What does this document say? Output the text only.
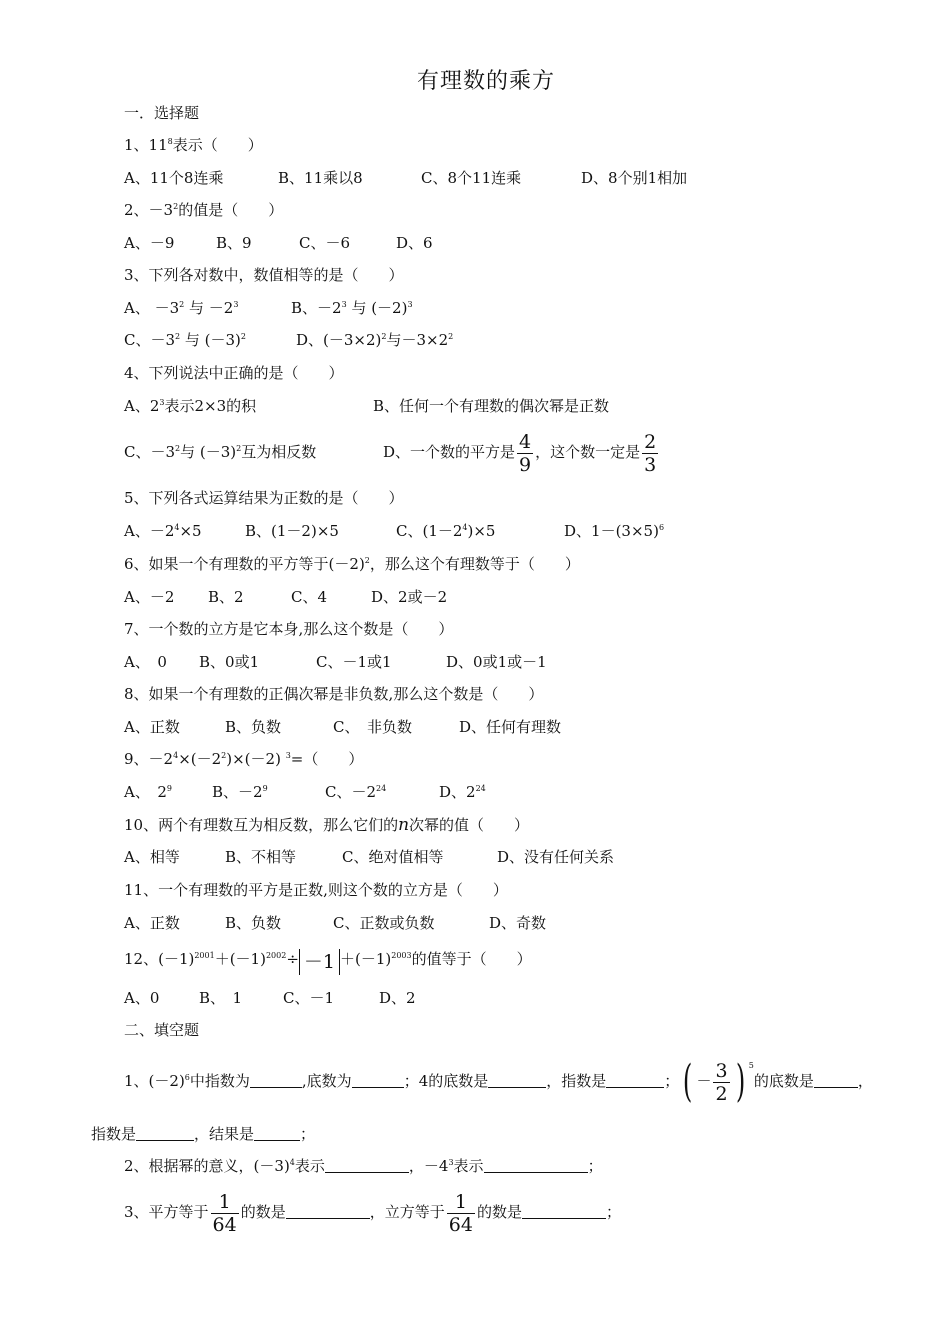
有理数的乘方
一．选择题
1、$11^8$表示（　　）
A、11个8连乘	B、11乘以8	C、8个11连乘	D、8个别1相加
2、$-3^2$的值是（　　）
A、－9	B、9	C、－6	D、6
3、下列各对数中，数值相等的是（　　）
A、 $-3^2$ 与 $-2^3$	B、$-2^3$ 与 $(-2)^3$
C、$-3^2$ 与 $(-3)^2$	D、$(-3\times 2)^2$与$-3\times 2^2$
4、下列说法中正确的是（　　）
A、$2^3$表示2×3的积	B、任何一个有理数的偶次幂是正数
C、$-3^2$与 $(-3)^2$互为相反数	D、一个数的平方是 $\frac{4}{9}$ ，这个数一定是 $\frac{2}{3}$
5、下列各式运算结果为正数的是（　　）
A、$-2^4\times 5$	B、(1－2)×5	C、$(1-2^4)\times 5$	D、$1-(3\times 5)^6$
6、如果一个有理数的平方等于$(-2)^2$，那么这个有理数等于（　　）
A、－2 B、2	C、4	D、2或－2
7、一个数的立方是它本身,那么这个数是（　　）
A、　0 B、0或1	C、－1或1	D、0或1或－1
8、如果一个有理数的正偶次幂是非负数,那么这个数是（　　）
A、正数	B、负数	C、　非负数	D、任何有理数
9、$-2^4\times(-2^2)\times(-2)$ $^3$=（　　）
A、　$2^9$	B、$-2^9$	C、$-2^{24}$	D、$2^{24}$
10、两个有理数互为相反数，那么它们的n次幂的值（　　）
A、相等	B、不相等	C、绝对值相等	D、没有任何关系
11、一个有理数的平方是正数,则这个数的立方是（　　）
A、正数	B、负数	C、正数或负数	D、奇数
12、$(-1)^{2001}+(-1)^{2002}\div -1 +(-1)^{2003}$的值等于（　　）
A、0	B、　1	C、－1	D、2
二、填空题
1、$(-2)^6$中指数为	,底数为	；4的底数是	，指数是	；( － $\frac{3}{2}$ ) $^5$的底数是	，
指数是	，结果是	；
2、根据幂的意义，$(-3)^4$表示	，$-4^3$表示	；
3、平方等于 $\frac{1}{64}$ 的数是	，立方等于 $\frac{1}{64}$ 的数是	；
